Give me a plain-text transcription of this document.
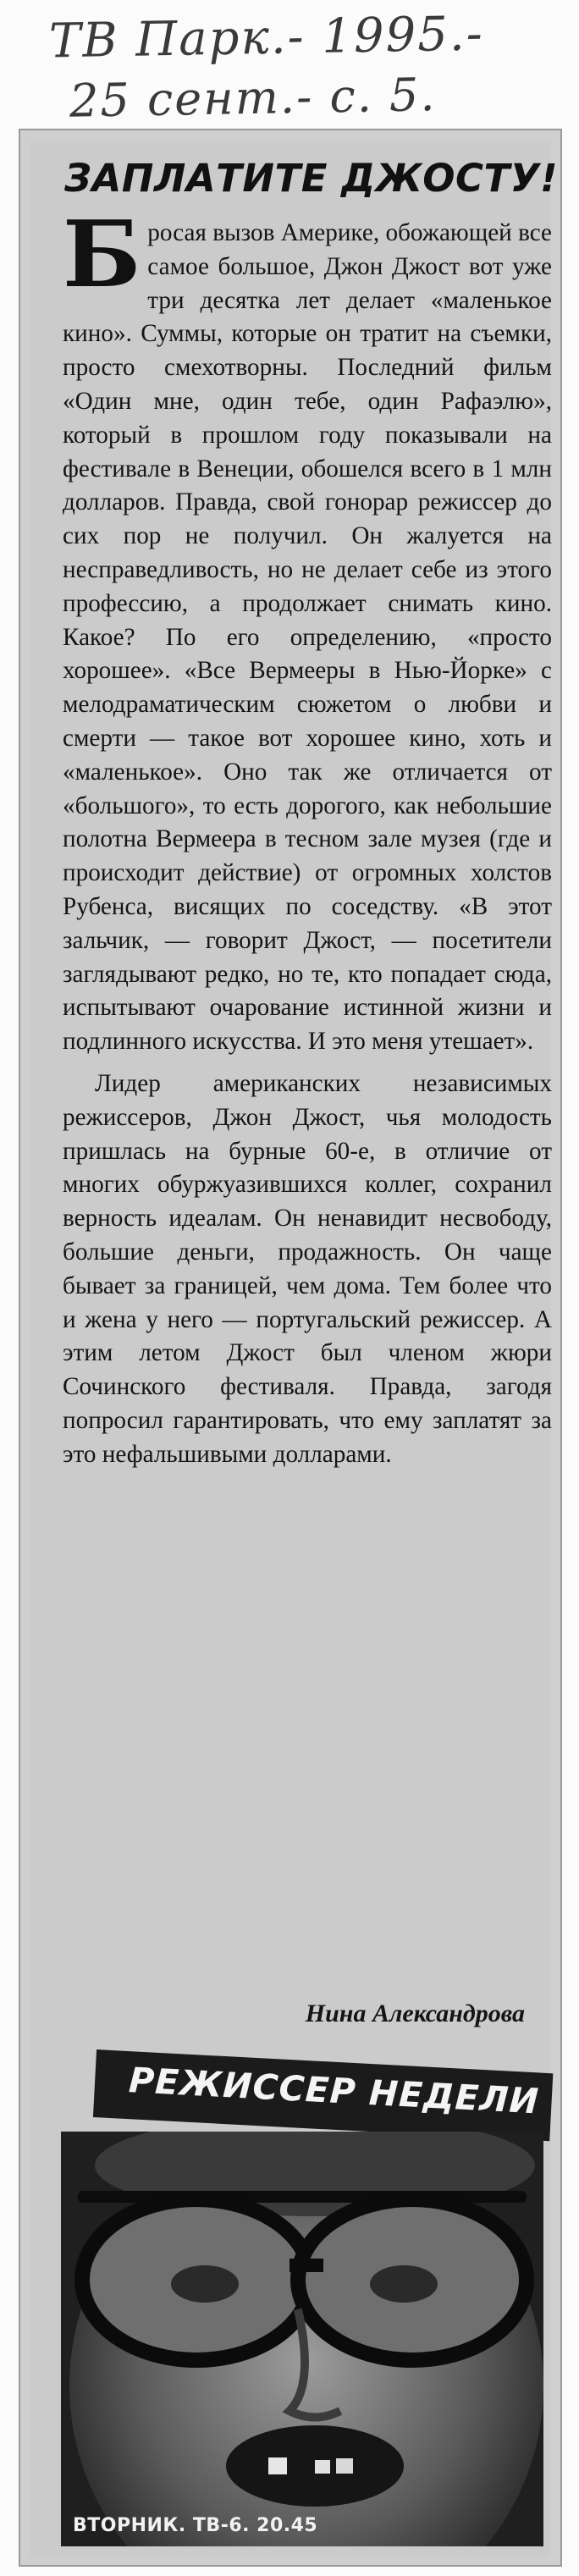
ТВ Парк.- 1995.-
25 сент.- с. 5.
ЗАПЛАТИТЕ ДЖОСТУ!

Бросая вызов Америке, обожающей все самое большое, Джон Джост вот уже три десятка лет делает «маленькое кино». Суммы, которые он тратит на съемки, просто смехотворны. Последний фильм «Один мне, один тебе, один Рафаэлю», который в прошлом году показывали на фестивале в Венеции, обошелся всего в 1 млн долларов. Правда, свой гонорар режиссер до сих пор не получил. Он жалуется на несправедливость, но не делает себе из этого профессию, а продолжает снимать кино. Какое? По его определению, «просто хорошее». «Все Вермееры в Нью-Йорке» с мелодраматическим сюжетом о любви и смерти — такое вот хорошее кино, хоть и «маленькое». Оно так же отличается от «большого», то есть дорогого, как небольшие полотна Вермеера в тесном зале музея (где и происходит действие) от огромных холстов Рубенса, висящих по соседству. «В этот зальчик, — говорит Джост, — посетители заглядывают редко, но те, кто попадает сюда, испытывают очарование истинной жизни и подлинного искусства. И это меня утешает».

Лидер американских независимых режиссеров, Джон Джост, чья молодость пришлась на бурные 60-е, в отличие от многих обуржуазившихся коллег, сохранил верность идеалам. Он ненавидит несвободу, большие деньги, продажность. Он чаще бывает за границей, чем дома. Тем более что и жена у него — португальский режиссер. А этим летом Джост был членом жюри Сочинского фестиваля. Правда, загодя попросил гарантировать, что ему заплатят за это нефальшивыми долларами.

Нина Александрова
РЕЖИССЕР НЕДЕЛИ
ВТОРНИК. ТВ-6. 20.45
